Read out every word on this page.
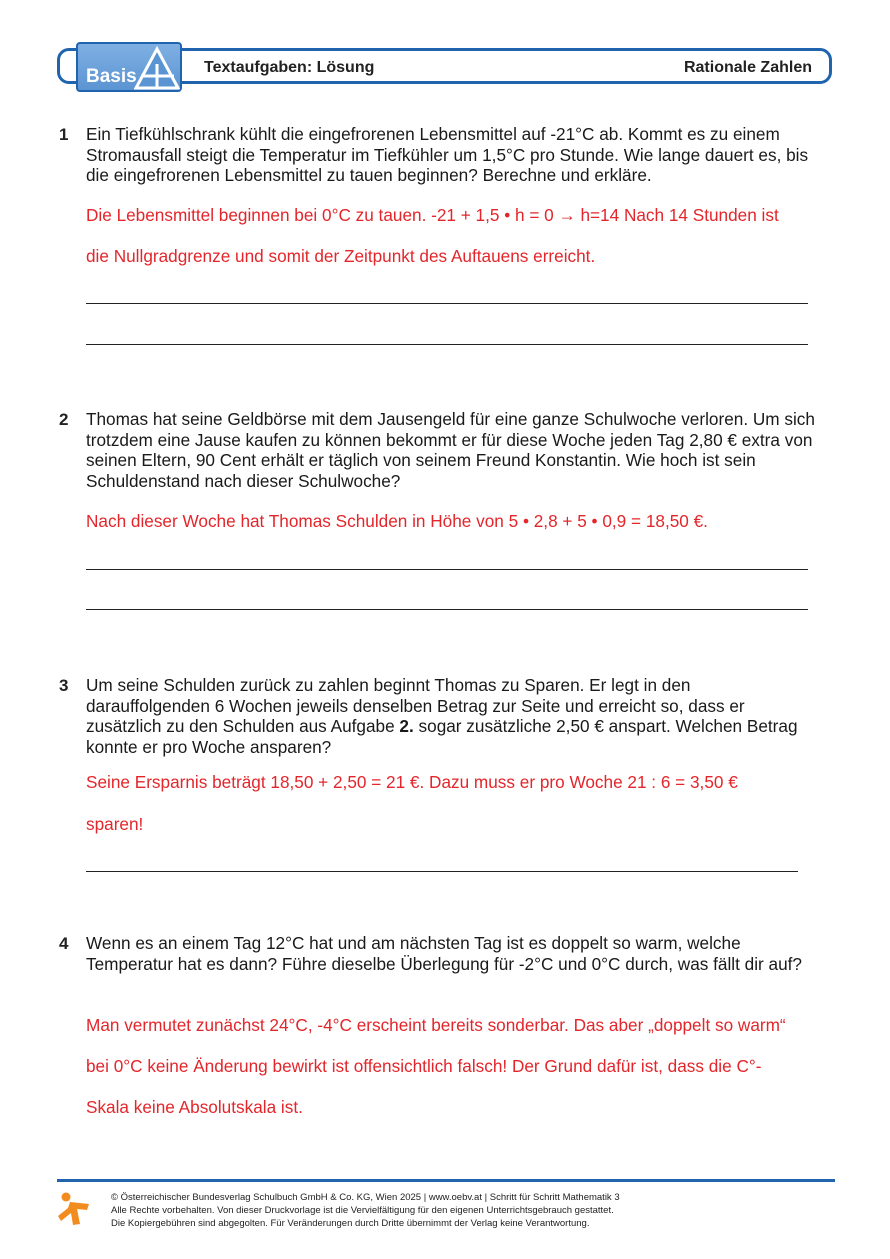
Basis	Textaufgaben: Lösung	Rationale Zahlen
1 Ein Tiefkühlschrank kühlt die eingefrorenen Lebensmittel auf -21°C ab. Kommt es zu einem Stromausfall steigt die Temperatur im Tiefkühler um 1,5°C pro Stunde. Wie lange dauert es, bis die eingefrorenen Lebensmittel zu tauen beginnen? Berechne und erkläre.
Die Lebensmittel beginnen bei 0°C zu tauen. -21 + 1,5 • h = 0 → h=14 Nach 14 Stunden ist
die Nullgradgrenze und somit der Zeitpunkt des Auftauens erreicht.
2 Thomas hat seine Geldbörse mit dem Jausengeld für eine ganze Schulwoche verloren. Um sich trotzdem eine Jause kaufen zu können bekommt er für diese Woche jeden Tag 2,80 € extra von seinen Eltern, 90 Cent erhält er täglich von seinem Freund Konstantin. Wie hoch ist sein Schuldenstand nach dieser Schulwoche?
Nach dieser Woche hat Thomas Schulden in Höhe von 5 • 2,8 + 5 • 0,9 = 18,50 €.
3 Um seine Schulden zurück zu zahlen beginnt Thomas zu Sparen. Er legt in den darauffolgenden 6 Wochen jeweils denselben Betrag zur Seite und erreicht so, dass er zusätzlich zu den Schulden aus Aufgabe 2. sogar zusätzliche 2,50 € anspart. Welchen Betrag konnte er pro Woche ansparen?
Seine Ersparnis beträgt 18,50 + 2,50 = 21 €. Dazu muss er pro Woche 21 : 6 = 3,50 €
sparen!
4 Wenn es an einem Tag 12°C hat und am nächsten Tag ist es doppelt so warm, welche Temperatur hat es dann? Führe dieselbe Überlegung für -2°C und 0°C durch, was fällt dir auf?
Man vermutet zunächst 24°C, -4°C erscheint bereits sonderbar. Das aber „doppelt so warm“
bei 0°C keine Änderung bewirkt ist offensichtlich falsch! Der Grund dafür ist, dass die C°-
Skala keine Absolutskala ist.
© Österreichischer Bundesverlag Schulbuch GmbH & Co. KG, Wien 2025 | www.oebv.at | Schritt für Schritt Mathematik 3
Alle Rechte vorbehalten. Von dieser Druckvorlage ist die Vervielfältigung für den eigenen Unterrichtsgebrauch gestattet.
Die Kopiergebühren sind abgegolten. Für Veränderungen durch Dritte übernimmt der Verlag keine Verantwortung.
